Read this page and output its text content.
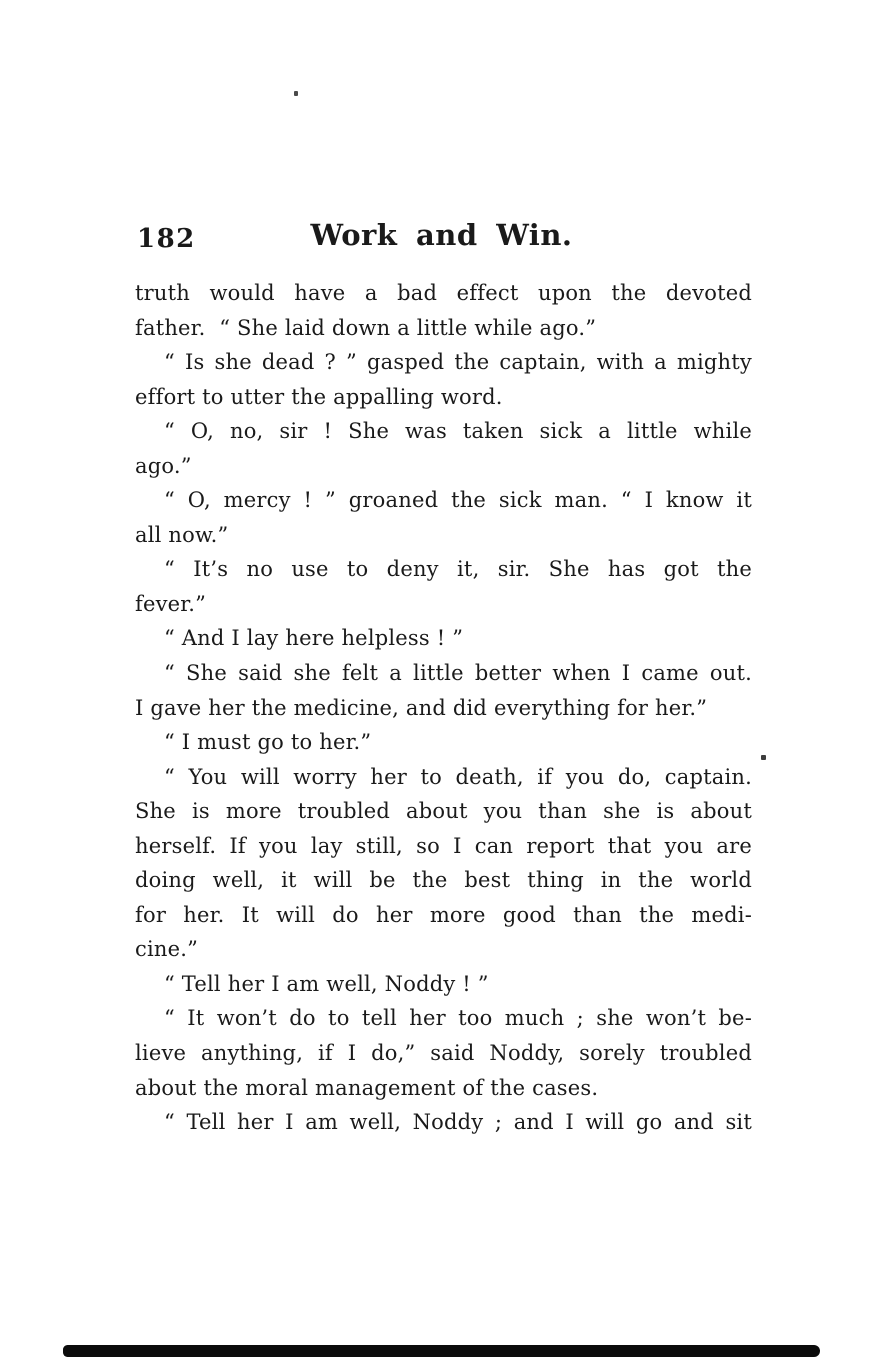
182	Work and Win.
truth would have a bad effect upon the devoted
father.  “ She laid down a little while ago.”
“ Is she dead ? ” gasped the captain, with a mighty
effort to utter the appalling word.
“ O, no, sir ! She was taken sick a little while
ago.”
“ O, mercy ! ” groaned the sick man. “ I know it
all now.”
“ It’s no use to deny it, sir. She has got the
fever.”
“ And I lay here helpless ! ”
“ She said she felt a little better when I came out.
I gave her the medicine, and did everything for her.”
“ I must go to her.”
“ You will worry her to death, if you do, captain.
She is more troubled about you than she is about
herself. If you lay still, so I can report that you are
doing well, it will be the best thing in the world
for her. It will do her more good than the medi-
cine.”
“ Tell her I am well, Noddy ! ”
“ It won’t do to tell her too much ; she won’t be-
lieve anything, if I do,” said Noddy, sorely troubled
about the moral management of the cases.
“ Tell her I am well, Noddy ; and I will go and sit
